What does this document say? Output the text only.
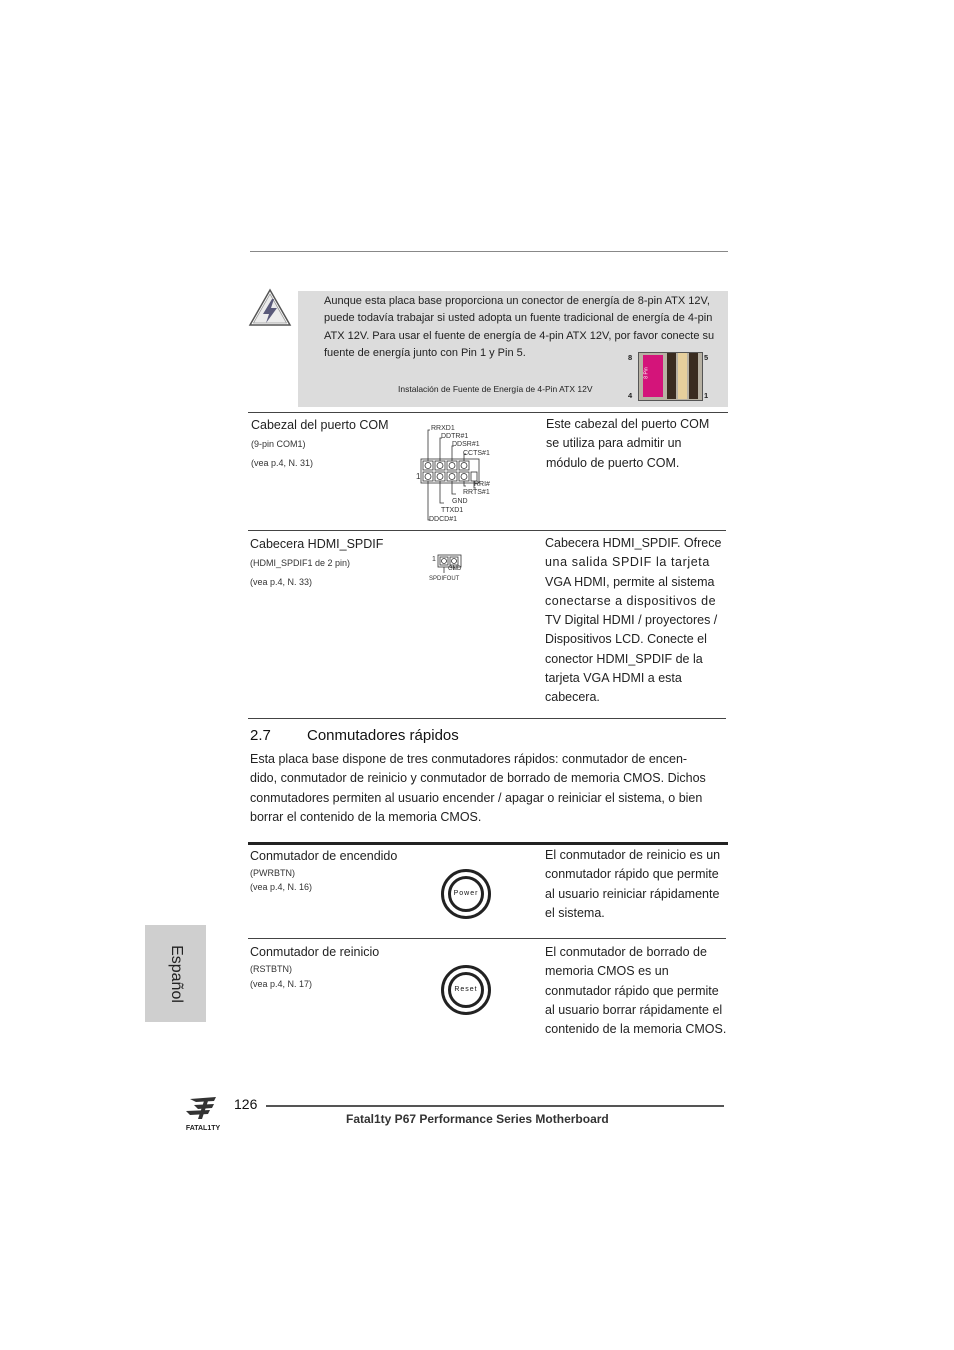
Aunque esta placa base proporciona un conector de energía de 8-pin ATX 12V, puede todavía trabajar si usted adopta un fuente tradicional de energía de 4-pin ATX 12V. Para usar el fuente de energía de 4-pin ATX 12V, por favor conecte su fuente de energía junto con Pin 1 y Pin 5.
Instalación de Fuente de Energía de 4-Pin ATX 12V
8	5
4	1
8 Pin
Cabezal del puerto COM
(9-pin COM1)
(vea p.4, N. 31)
RRXD1
DDTR#1
DDSR#1
CCTS#1
1
RRI#
RRTS#1
GND
TTXD1
DDCD#1
Este cabezal del puerto COM
se utiliza para admitir un
módulo de puerto COM.
Cabecera HDMI_SPDIF
(HDMI_SPDIF1 de 2 pin)
(vea p.4, N. 33)
1
GND
SPDIFOUT
Cabecera HDMI_SPDIF. Ofrece
una salida SPDIF la tarjeta
VGA HDMI, permite al sistema
conectarse a dispositivos de
TV Digital HDMI / proyectores /
Dispositivos LCD. Conecte el
conector HDMI_SPDIF de la
tarjeta VGA HDMI a esta
cabecera.
2.7 Conmutadores rápidos
Esta placa base dispone de tres conmutadores rápidos: conmutador de encen-
dido, conmutador de reinicio y conmutador de borrado de memoria CMOS. Dichos
conmutadores permiten al usuario encender / apagar o reiniciar el sistema, o bien
borrar el contenido de la memoria CMOS.
Conmutador de encendido
(PWRBTN)
(vea p.4, N. 16)
Power
El conmutador de reinicio es un
conmutador rápido que permite
al usuario reiniciar rápidamente
el sistema.
Conmutador de reinicio
(RSTBTN)
(vea p.4, N. 17)
Reset
El conmutador de borrado de
memoria CMOS es un
conmutador rápido que permite
al usuario borrar rápidamente el
contenido de la memoria CMOS.
Español
FATAL1TY
126
Fatal1ty P67 Performance Series Motherboard
